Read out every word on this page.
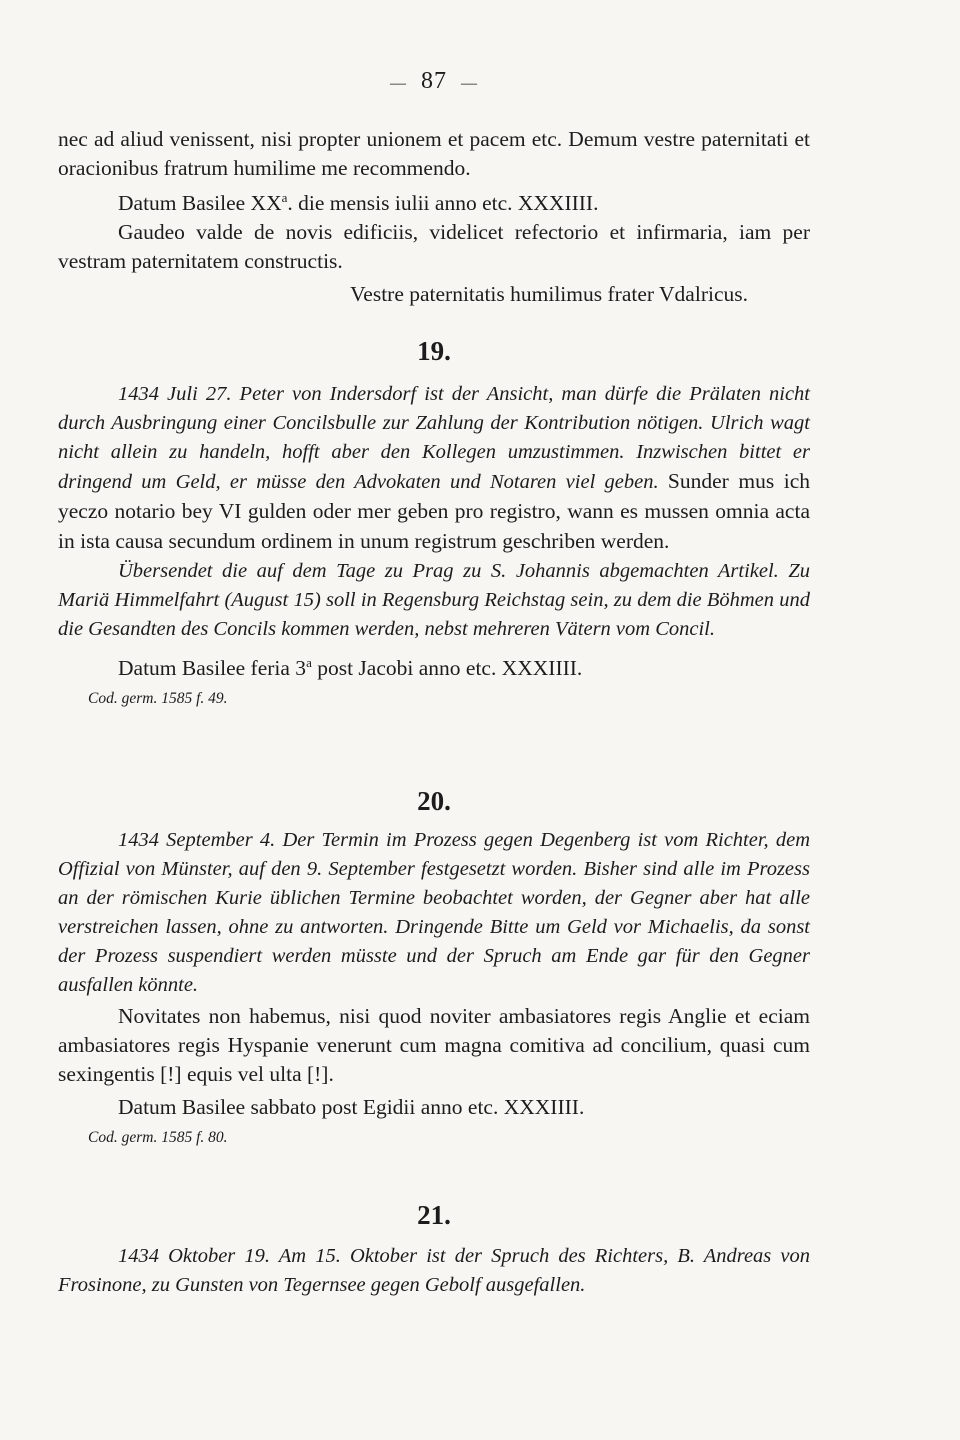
— 87 —

nec ad aliud venissent, nisi propter unionem et pacem etc. Demum vestre paternitati et oracionibus fratrum humilime me recommendo.

Datum Basilee $XX^a$. die mensis iulii anno etc. XXXIIII.

Gaudeo valde de novis edificiis, videlicet refectorio et infirmaria, iam per vestram paternitatem constructis.

Vestre paternitatis humilimus frater Vdalricus.

19.

1434 Juli 27. Peter von Indersdorf ist der Ansicht, man dürfe die Prälaten nicht durch Ausbringung einer Concilsbulle zur Zahlung der Kontribution nötigen. Ulrich wagt nicht allein zu handeln, hofft aber den Kollegen umzustimmen. Inzwischen bittet er dringend um Geld, er müsse den Advokaten und Notaren viel geben. Sunder mus ich yeczo notario bey VI gulden oder mer geben pro registro, wann es mussen omnia acta in ista causa secundum ordinem in unum registrum geschriben werden.

Übersendet die auf dem Tage zu Prag zu S. Johannis abgemachten Artikel. Zu Mariä Himmelfahrt (August 15) soll in Regensburg Reichstag sein, zu dem die Böhmen und die Gesandten des Concils kommen werden, nebst mehreren Vätern vom Concil.

Datum Basilee feria 3$^a$ post Jacobi anno etc. XXXIIII.

Cod. germ. 1585 f. 49.

20.

1434 September 4. Der Termin im Prozess gegen Degenberg ist vom Richter, dem Offizial von Münster, auf den 9. September festgesetzt worden. Bisher sind alle im Prozess an der römischen Kurie üblichen Termine beobachtet worden, der Gegner aber hat alle verstreichen lassen, ohne zu antworten. Dringende Bitte um Geld vor Michaelis, da sonst der Prozess suspendiert werden müsste und der Spruch am Ende gar für den Gegner ausfallen könnte.

Novitates non habemus, nisi quod noviter ambasiatores regis Anglie et eciam ambasiatores regis Hyspanie venerunt cum magna comitiva ad concilium, quasi cum sexingentis [!] equis vel ulta [!].

Datum Basilee sabbato post Egidii anno etc. XXXIIII.

Cod. germ. 1585 f. 80.

21.

1434 Oktober 19. Am 15. Oktober ist der Spruch des Richters, B. Andreas von Frosinone, zu Gunsten von Tegernsee gegen Gebolf ausgefallen.
